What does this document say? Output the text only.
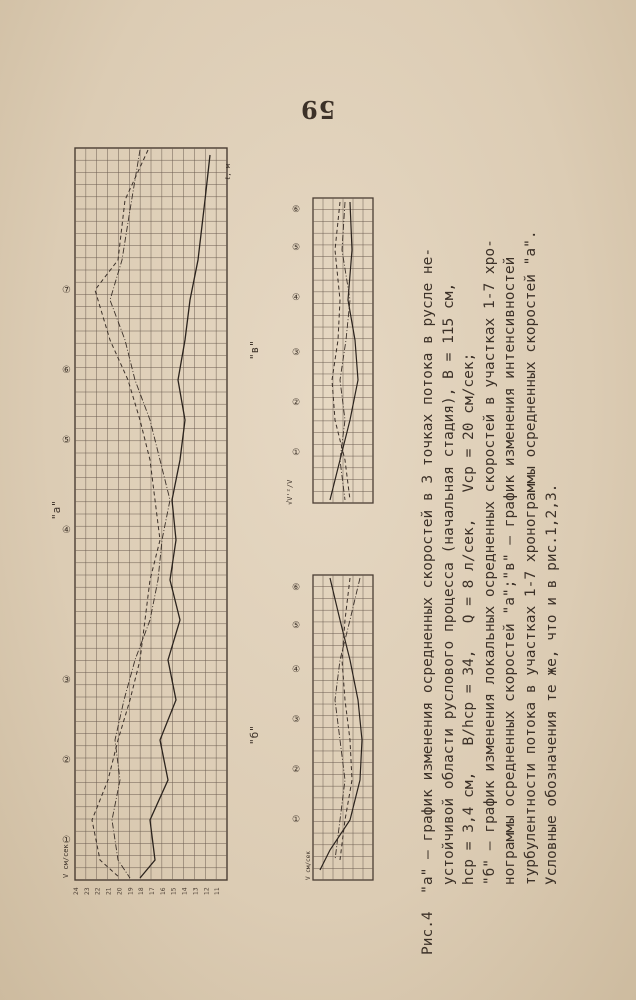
59
24 23 22 21 20 19 18 17 16 15 14 13 12 11
V см/сек
ℓ, м
①
②
③
④
⑤
⑥
⑦
"a"
V см/сек
①
②
③
④
⑤
⑥
"б"
√V'²/V
①
②
③
④
⑤
⑥
"в"	Рис.4  "а" – график изменения осредненных скоростей в 3 точках потока в русле не- устойчивой области руслового процесса (начальная стадия), B = 115 см, hср = 3,4 см,   B/hср = 34,   Q = 8 л/сек,   Vср = 20 см/сек; "б" – график изменения локальных осредненных скоростей в участках 1-7 хро- нограммы осредненных скоростей "а";"в" – график изменения интенсивностей турбулентности потока в участках 1-7 хронограммы осредненных скоростей "а". Условные обозначения те же, что и в рис.1,2,3.
